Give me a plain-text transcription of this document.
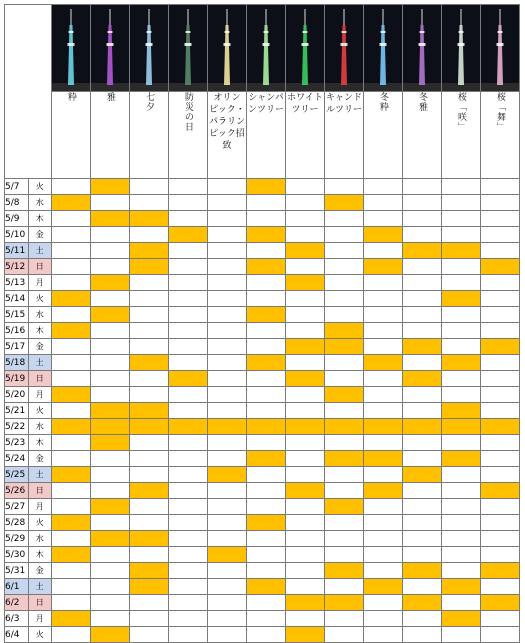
		粋	雅	七夕	防災の日	オリンピック・パラリンピック招致	シャンパンツリー	ホワイトツリー	キャンドルツリー	冬粋	冬雅	桜「咲」	桜「舞」
5/7	火												
5/8	水												
5/9	木												
5/10	金												
5/11	土												
5/12	日												
5/13	月												
5/14	火												
5/15	水												
5/16	木												
5/17	金												
5/18	土												
5/19	日												
5/20	月												
5/21	火												
5/22	水												
5/23	木												
5/24	金												
5/25	土												
5/26	日												
5/27	月												
5/28	火												
5/29	水												
5/30	木												
5/31	金												
6/1	土												
6/2	日												
6/3	月												
6/4	火												
